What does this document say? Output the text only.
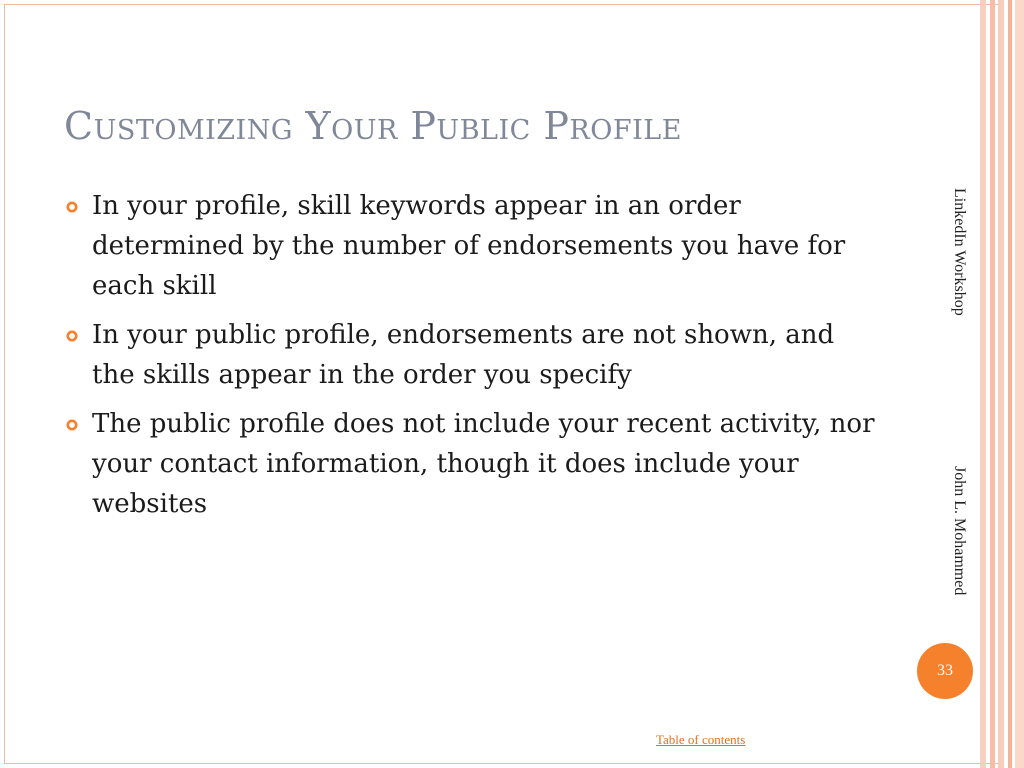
Customizing Your Public Profile
In your profile, skill keywords appear in an order determined by the number of endorsements you have for each skill
In your public profile, endorsements are not shown, and the skills appear in the order you specify
The public profile does not include your recent activity, nor your contact information, though it does include your websites
LinkedIn Workshop
John L. Mohammed
33
Table of contents
